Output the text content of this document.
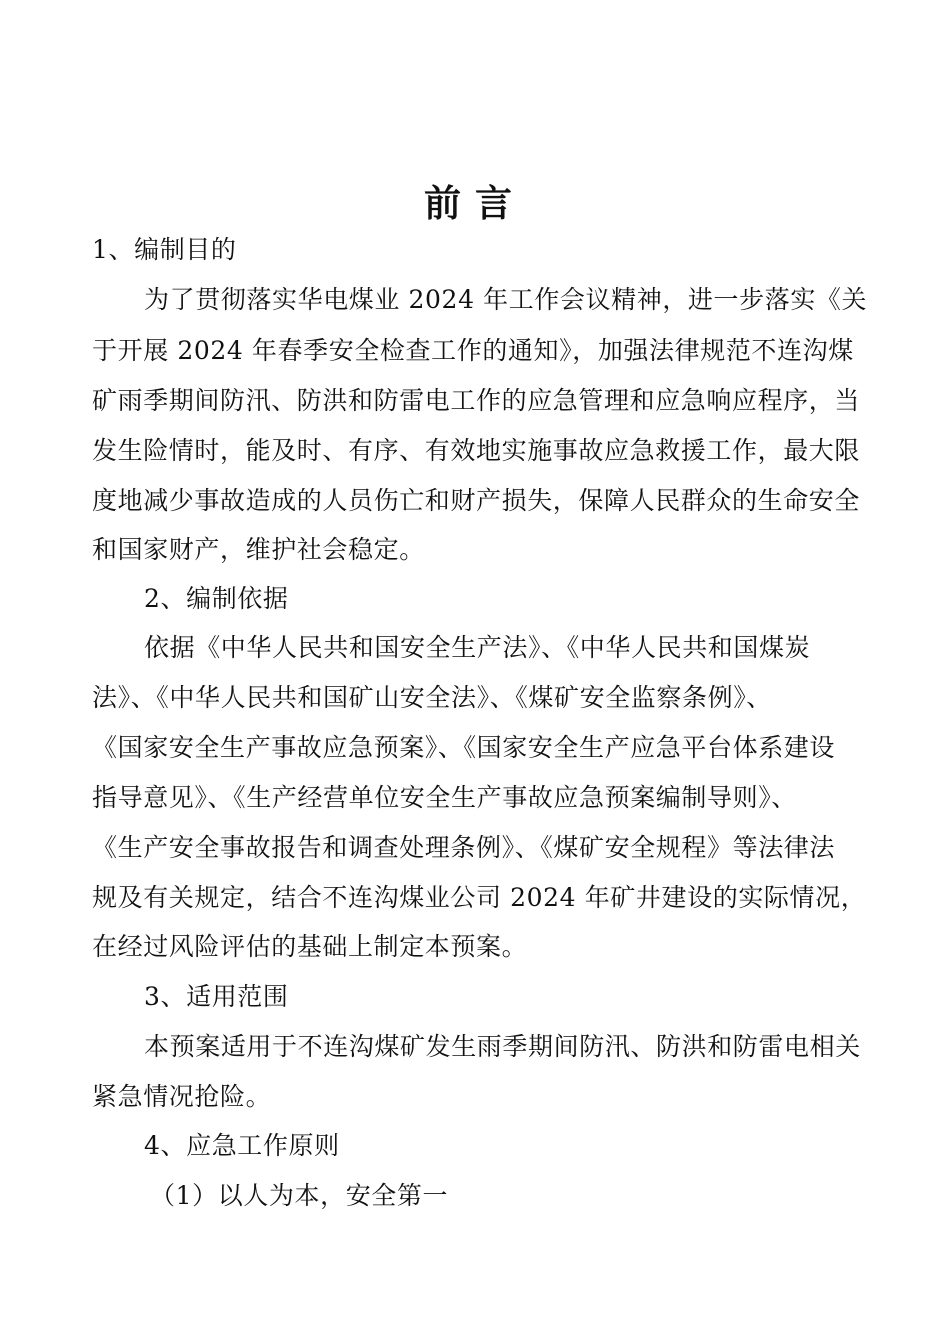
前言
1、编制目的
为了贯彻落实华电煤业 2024 年工作会议精神，进一步落实《关
于开展 2024 年春季安全检查工作的通知》，加强法律规范不连沟煤
矿雨季期间防汛、防洪和防雷电工作的应急管理和应急响应程序，当
发生险情时，能及时、有序、有效地实施事故应急救援工作，最大限
度地减少事故造成的人员伤亡和财产损失，保障人民群众的生命安全
和国家财产，维护社会稳定。
2、编制依据
依据《中华人民共和国安全生产法》、《中华人民共和国煤炭
法》、《中华人民共和国矿山安全法》、《煤矿安全监察条例》、
《国家安全生产事故应急预案》、《国家安全生产应急平台体系建设
指导意见》、《生产经营单位安全生产事故应急预案编制导则》、
《生产安全事故报告和调查处理条例》、《煤矿安全规程》等法律法
规及有关规定，结合不连沟煤业公司 2024 年矿井建设的实际情况，
在经过风险评估的基础上制定本预案。
3、适用范围
本预案适用于不连沟煤矿发生雨季期间防汛、防洪和防雷电相关
紧急情况抢险。
4、应急工作原则
（1）以人为本，安全第一
